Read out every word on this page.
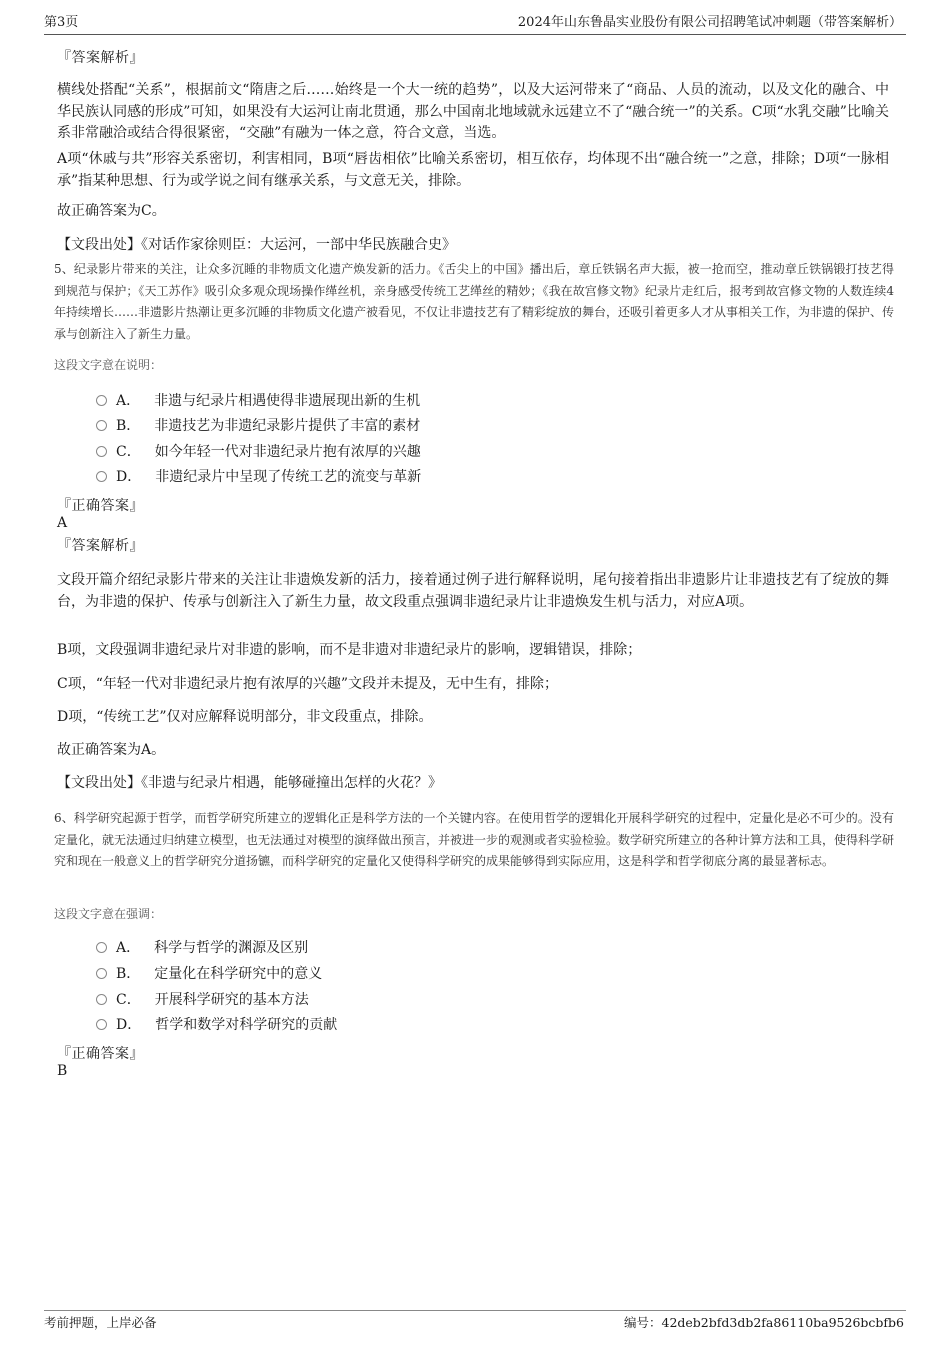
第3页	2024年山东鲁晶实业股份有限公司招聘笔试冲刺题（带答案解析）
『答案解析』
横线处搭配“关系”，根据前文“隋唐之后……始终是一个大一统的趋势”，以及大运河带来了“商品、人员的流动，以及文化的融合、中华民族认同感的形成”可知，如果没有大运河让南北贯通，那么中国南北地域就永远建立不了“融合统一”的关系。C项“水乳交融”比喻关系非常融洽或结合得很紧密，“交融”有融为一体之意，符合文意，当选。
A项“休戚与共”形容关系密切，利害相同，B项“唇齿相依”比喻关系密切，相互依存，均体现不出“融合统一”之意，排除；D项“一脉相承”指某种思想、行为或学说之间有继承关系，与文意无关，排除。
故正确答案为C。
【文段出处】《对话作家徐则臣：大运河，一部中华民族融合史》
5、纪录影片带来的关注，让众多沉睡的非物质文化遗产焕发新的活力。《舌尖上的中国》播出后，章丘铁锅名声大振，被一抢而空，推动章丘铁锅锻打技艺得到规范与保护；《天工苏作》吸引众多观众现场操作缂丝机，亲身感受传统工艺缂丝的精妙；《我在故宫修文物》纪录片走红后，报考到故宫修文物的人数连续4年持续增长……非遗影片热潮让更多沉睡的非物质文化遗产被看见，不仅让非遗技艺有了精彩绽放的舞台，还吸引着更多人才从事相关工作，为非遗的保护、传承与创新注入了新生力量。
这段文字意在说明：
A． 非遗与纪录片相遇使得非遗展现出新的生机
B． 非遗技艺为非遗纪录影片提供了丰富的素材
C． 如今年轻一代对非遗纪录片抱有浓厚的兴趣
D． 非遗纪录片中呈现了传统工艺的流变与革新
『正确答案』
A
『答案解析』
文段开篇介绍纪录影片带来的关注让非遗焕发新的活力，接着通过例子进行解释说明，尾句接着指出非遗影片让非遗技艺有了绽放的舞台，为非遗的保护、传承与创新注入了新生力量，故文段重点强调非遗纪录片让非遗焕发生机与活力，对应A项。
B项，文段强调非遗纪录片对非遗的影响，而不是非遗对非遗纪录片的影响，逻辑错误，排除；
C项，“年轻一代对非遗纪录片抱有浓厚的兴趣”文段并未提及，无中生有，排除；
D项，“传统工艺”仅对应解释说明部分，非文段重点，排除。
故正确答案为A。
【文段出处】《非遗与纪录片相遇，能够碰撞出怎样的火花？》
6、科学研究起源于哲学，而哲学研究所建立的逻辑化正是科学方法的一个关键内容。在使用哲学的逻辑化开展科学研究的过程中，定量化是必不可少的。没有定量化，就无法通过归纳建立模型，也无法通过对模型的演绎做出预言，并被进一步的观测或者实验检验。数学研究所建立的各种计算方法和工具，使得科学研究和现在一般意义上的哲学研究分道扬镳，而科学研究的定量化又使得科学研究的成果能够得到实际应用，这是科学和哲学彻底分离的最显著标志。
这段文字意在强调：
A． 科学与哲学的渊源及区别
B． 定量化在科学研究中的意义
C． 开展科学研究的基本方法
D． 哲学和数学对科学研究的贡献
『正确答案』
B
考前押题，上岸必备	编号：42deb2bfd3db2fa86110ba9526bcbfb6
